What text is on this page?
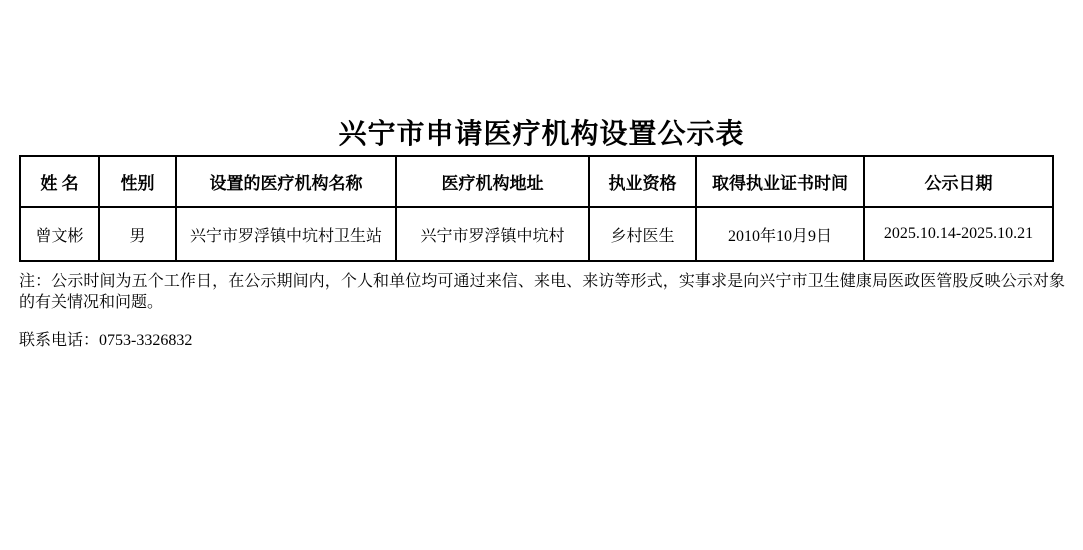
兴宁市申请医疗机构设置公示表
姓 名	性别	设置的医疗机构名称	医疗机构地址	执业资格	取得执业证书时间	公示日期
曾文彬	男	兴宁市罗浮镇中坑村卫生站	兴宁市罗浮镇中坑村	乡村医生	2010年10月9日	2025.10.14-2025.10.21

注：公示时间为五个工作日，在公示期间内，个人和单位均可通过来信、来电、来访等形式，实事求是向兴宁市卫生健康局医政医管股反映公示对象的有关情况和问题。

联系电话：0753-3326832
